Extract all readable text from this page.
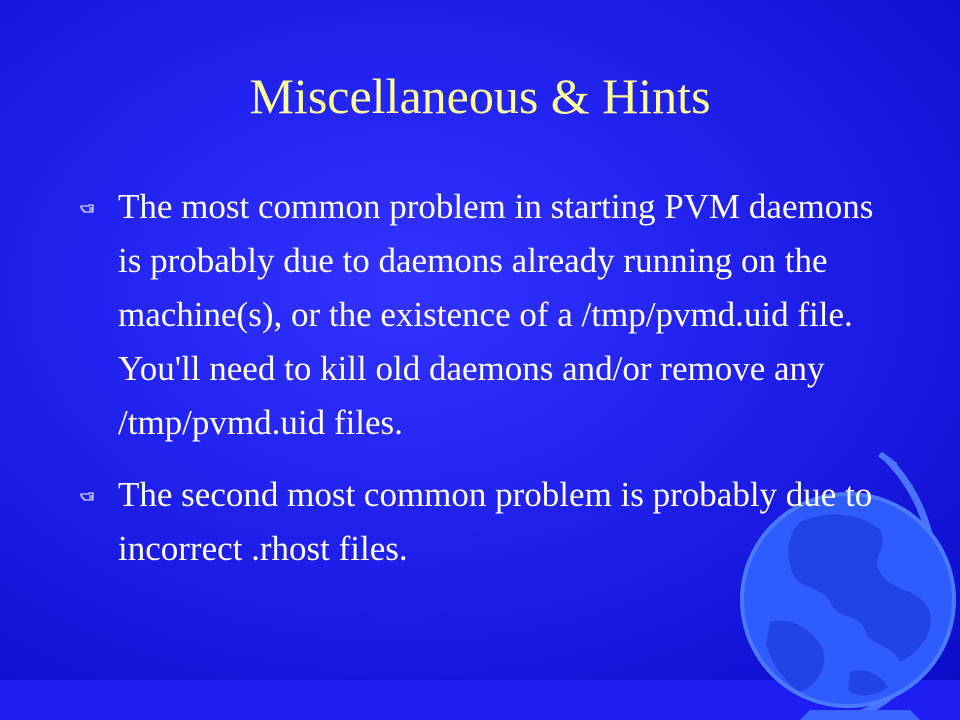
Miscellaneous & Hints
The most common problem in starting PVM daemons is probably due to daemons already running on the machine(s), or the existence of a /tmp/pvmd.uid file. You'll need to kill old daemons and/or remove any /tmp/pvmd.uid files.
The second most common problem is probably due to incorrect .rhost files.
